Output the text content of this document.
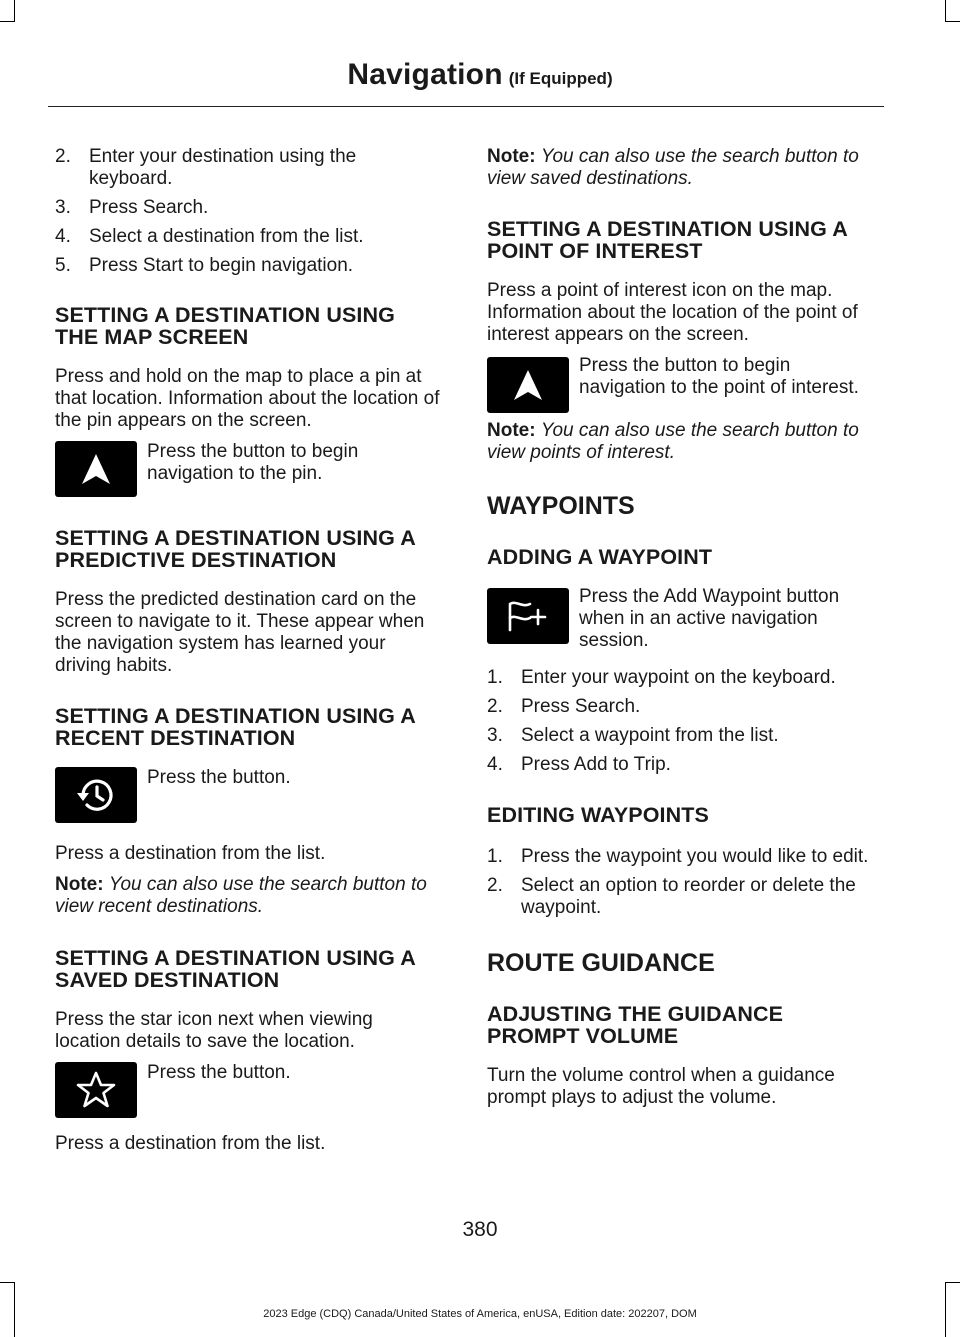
Navigation (If Equipped)
2. Enter your destination using the keyboard.
3. Press Search.
4. Select a destination from the list.
5. Press Start to begin navigation.
SETTING A DESTINATION USING THE MAP SCREEN

Press and hold on the map to place a pin at that location. Information about the location of the pin appears on the screen.

Press the button to begin navigation to the pin.

SETTING A DESTINATION USING A PREDICTIVE DESTINATION

Press the predicted destination card on the screen to navigate to it. These appear when the navigation system has learned your driving habits.

SETTING A DESTINATION USING A RECENT DESTINATION

Press the button.

Press a destination from the list.

Note: You can also use the search button to view recent destinations.

SETTING A DESTINATION USING A SAVED DESTINATION

Press the star icon next when viewing location details to save the location.

Press the button.

Press a destination from the list.

Note: You can also use the search button to view saved destinations.

SETTING A DESTINATION USING A POINT OF INTEREST

Press a point of interest icon on the map. Information about the location of the point of interest appears on the screen.

Press the button to begin navigation to the point of interest.

Note: You can also use the search button to view points of interest.

WAYPOINTS
ADDING A WAYPOINT

Press the Add Waypoint button when in an active navigation session.

1. Enter your waypoint on the keyboard.
2. Press Search.
3. Select a waypoint from the list.
4. Press Add to Trip.
EDITING WAYPOINTS
1. Press the waypoint you would like to edit.
2. Select an option to reorder or delete the waypoint.
ROUTE GUIDANCE
ADJUSTING THE GUIDANCE PROMPT VOLUME

Turn the volume control when a guidance prompt plays to adjust the volume.

380
2023 Edge (CDQ) Canada/United States of America, enUSA, Edition date: 202207, DOM
